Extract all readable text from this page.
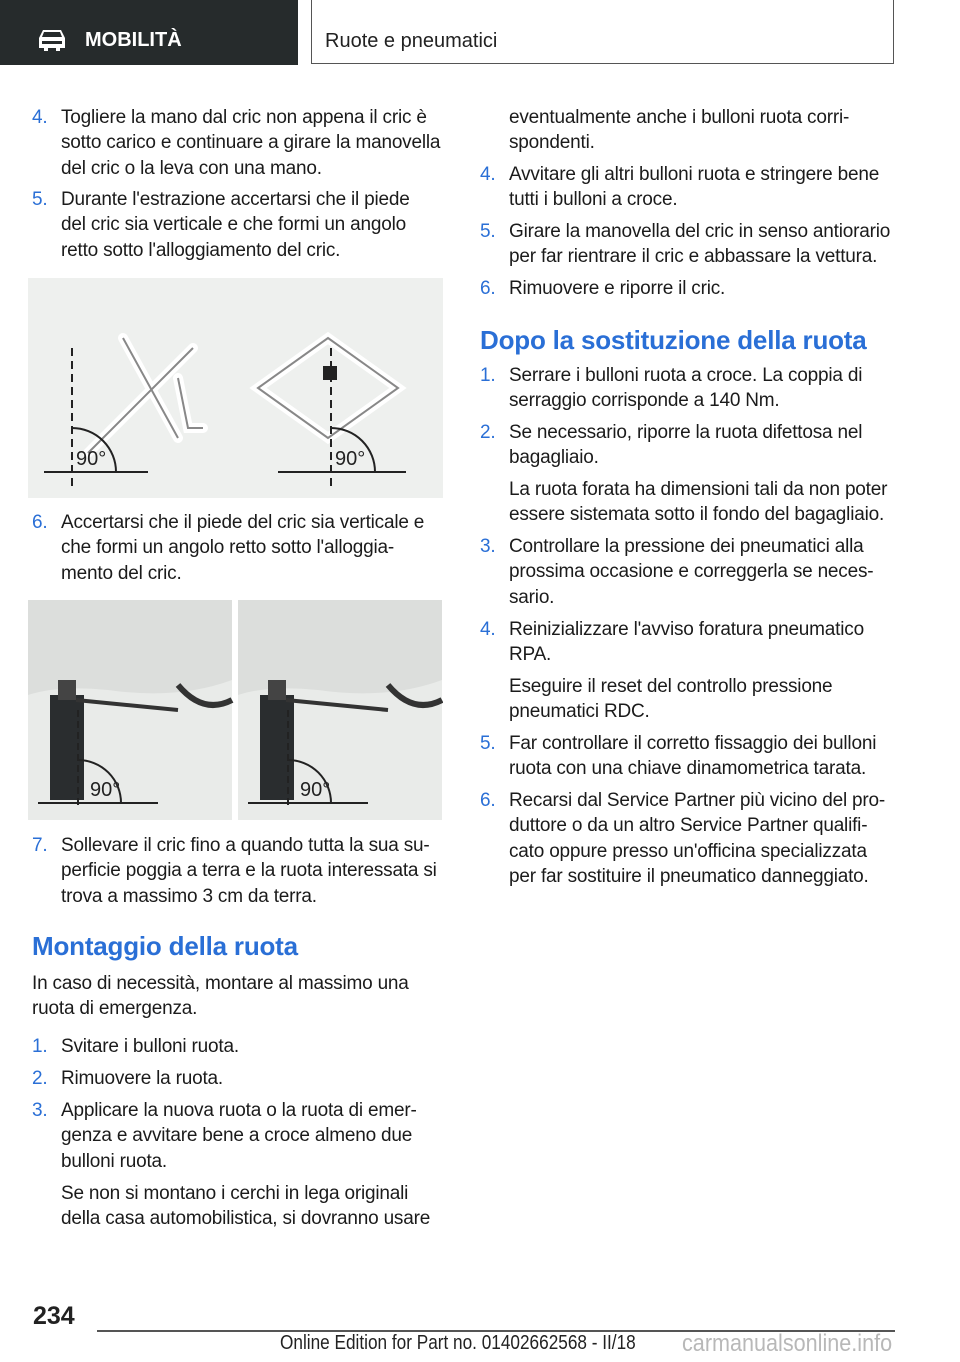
MOBILITÀ	Ruote e pneumatici
4. Togliere la mano dal cric non appena il cric è
sotto carico e continuare a girare la manovella
del cric o la leva con una mano.
5. Durante l'estrazione accertarsi che il piede
del cric sia verticale e che formi un angolo
retto sotto l'alloggiamento del cric.
90°	90°
6. Accertarsi che il piede del cric sia verticale e
che formi un angolo retto sotto l'alloggia-
mento del cric.
90°	90°
7. Sollevare il cric fino a quando tutta la sua su-
perficie poggia a terra e la ruota interessata si
trova a massimo 3 cm da terra.
Montaggio della ruota
In caso di necessità, montare al massimo una
ruota di emergenza.
1. Svitare i bulloni ruota.
2. Rimuovere la ruota.
3. Applicare la nuova ruota o la ruota di emer-
genza e avvitare bene a croce almeno due
bulloni ruota.
Se non si montano i cerchi in lega originali
della casa automobilistica, si dovranno usare
eventualmente anche i bulloni ruota corri-
spondenti.
4. Avvitare gli altri bulloni ruota e stringere bene
tutti i bulloni a croce.
5. Girare la manovella del cric in senso antiorario
per far rientrare il cric e abbassare la vettura.
6. Rimuovere e riporre il cric.
Dopo la sostituzione della ruota
1. Serrare i bulloni ruota a croce. La coppia di
serraggio corrisponde a 140 Nm.
2. Se necessario, riporre la ruota difettosa nel
bagagliaio.
La ruota forata ha dimensioni tali da non poter
essere sistemata sotto il fondo del bagagliaio.
3. Controllare la pressione dei pneumatici alla
prossima occasione e correggerla se neces-
sario.
4. Reinizializzare l'avviso foratura pneumatico
RPA.
Eseguire il reset del controllo pressione
pneumatici RDC.
5. Far controllare il corretto fissaggio dei bulloni
ruota con una chiave dinamometrica tarata.
6. Recarsi dal Service Partner più vicino del pro-
duttore o da un altro Service Partner qualifi-
cato oppure presso un'officina specializzata
per far sostituire il pneumatico danneggiato.
234
Online Edition for Part no. 01402662568 - II/18 carmanualsonline.info
